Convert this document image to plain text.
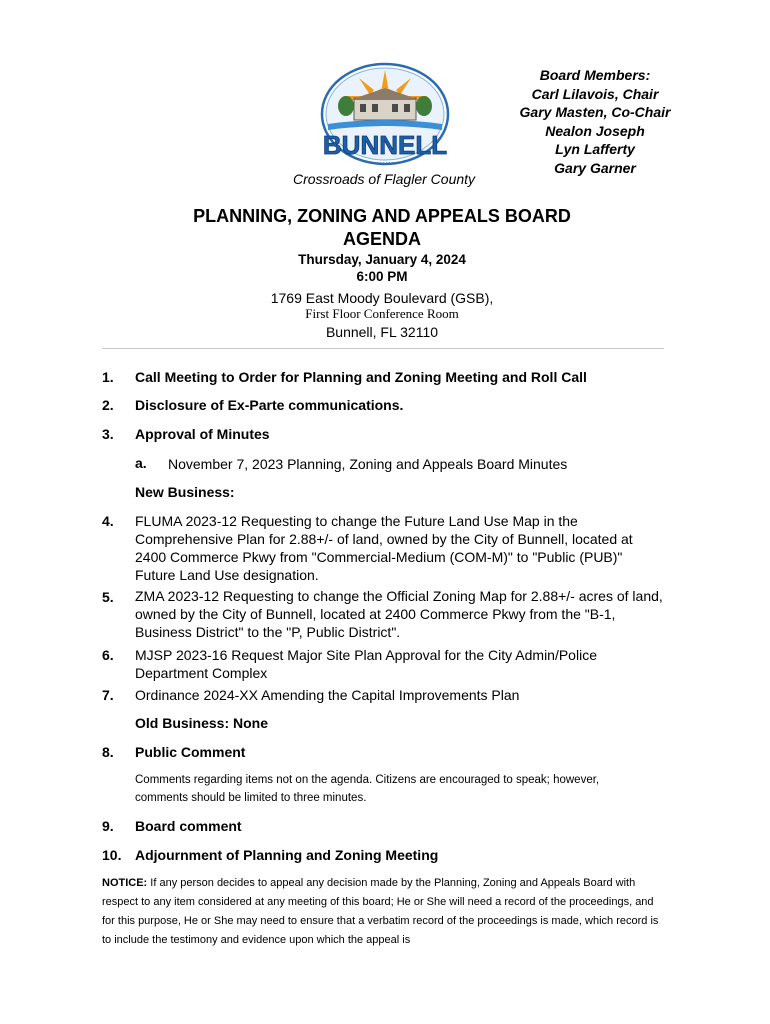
BUNNELL
· · · · · ·
Crossroads of Flagler County
Board Members:
Carl Lilavois, Chair
Gary Masten, Co-Chair
Nealon Joseph
Lyn Lafferty
Gary Garner
PLANNING, ZONING AND APPEALS BOARD
AGENDA
Thursday, January 4, 2024
6:00 PM
1769 East Moody Boulevard (GSB),
First Floor Conference Room
Bunnell, FL 32110
1. Call Meeting to Order for Planning and Zoning Meeting and Roll Call
2. Disclosure of Ex-Parte communications.
3. Approval of Minutes
a. November 7, 2023 Planning, Zoning and Appeals Board Minutes
New Business:
4. FLUMA 2023-12 Requesting to change the Future Land Use Map in the Comprehensive Plan for 2.88+/- of land, owned by the City of Bunnell, located at 2400 Commerce Pkwy from "Commercial-Medium (COM-M)" to "Public (PUB)" Future Land Use designation.
5. ZMA 2023-12 Requesting to change the Official Zoning Map for 2.88+/- acres of land, owned by the City of Bunnell, located at 2400 Commerce Pkwy from the "B-1, Business District" to the "P, Public District".
6. MJSP 2023-16 Request Major Site Plan Approval for the City Admin/Police Department Complex
7. Ordinance 2024-XX Amending the Capital Improvements Plan
Old Business: None
8. Public Comment
Comments regarding items not on the agenda. Citizens are encouraged to speak; however, comments should be limited to three minutes.
9. Board comment
10. Adjournment of Planning and Zoning Meeting
NOTICE: If any person decides to appeal any decision made by the Planning, Zoning and Appeals Board with respect to any item considered at any meeting of this board; He or She will need a record of the proceedings, and for this purpose, He or She may need to ensure that a verbatim record of the proceedings is made, which record is to include the testimony and evidence upon which the appeal is
